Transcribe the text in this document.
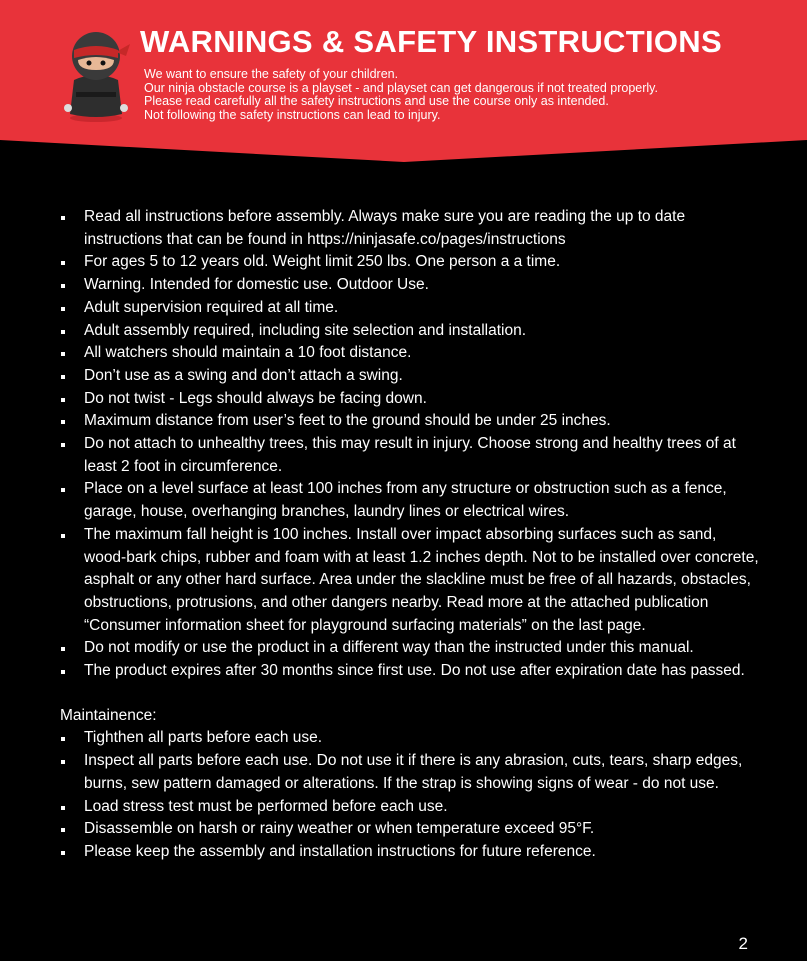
WARNINGS & SAFETY INSTRUCTIONS
We want to ensure the safety of your children.
Our ninja obstacle course is a playset - and playset can get dangerous if not treated properly.
Please read carefully all the safety instructions and use the course only as intended.
Not following the safety instructions can lead to injury.
Read all instructions before assembly. Always make sure you are reading the up to date instructions that can be found in https://ninjasafe.co/pages/instructions
For ages 5 to 12 years old. Weight limit 250 lbs. One person a a time.
Warning. Intended for domestic use. Outdoor Use.
Adult supervision required at all time.
Adult assembly required, including site selection and installation.
All watchers should maintain a 10 foot distance.
Don’t use as a swing and don’t attach a swing.
Do not twist - Legs should always be facing down.
Maximum distance from user’s feet to the ground should be under 25 inches.
Do not attach to unhealthy trees, this may result in injury. Choose strong and healthy trees of at least 2 foot in circumference.
Place on a level surface at least 100 inches from any structure or obstruction such as a fence, garage, house, overhanging branches, laundry lines or electrical wires.
The maximum fall height is 100 inches. Install over impact absorbing surfaces such as sand, wood-bark chips, rubber and foam with at least 1.2 inches depth. Not to be installed over concrete, asphalt or any other hard surface. Area under the slackline must be free of all hazards, obstacles, obstructions, protrusions, and other dangers nearby. Read more at the attached publication “Consumer information sheet for playground surfacing materials” on the last page.
Do not modify or use the product in a different way than the instructed under this manual.
The product expires after 30 months since first use. Do not use after expiration date has passed.
Maintainence:
Tighthen all parts before each use.
Inspect all parts before each use. Do not use it if there is any abrasion, cuts, tears, sharp edges, burns, sew pattern damaged or alterations. If the strap is showing signs of wear - do not use.
Load stress test must be performed before each use.
Disassemble on harsh or rainy weather or when temperature exceed 95°F.
Please keep the assembly and installation instructions for future reference.
2
